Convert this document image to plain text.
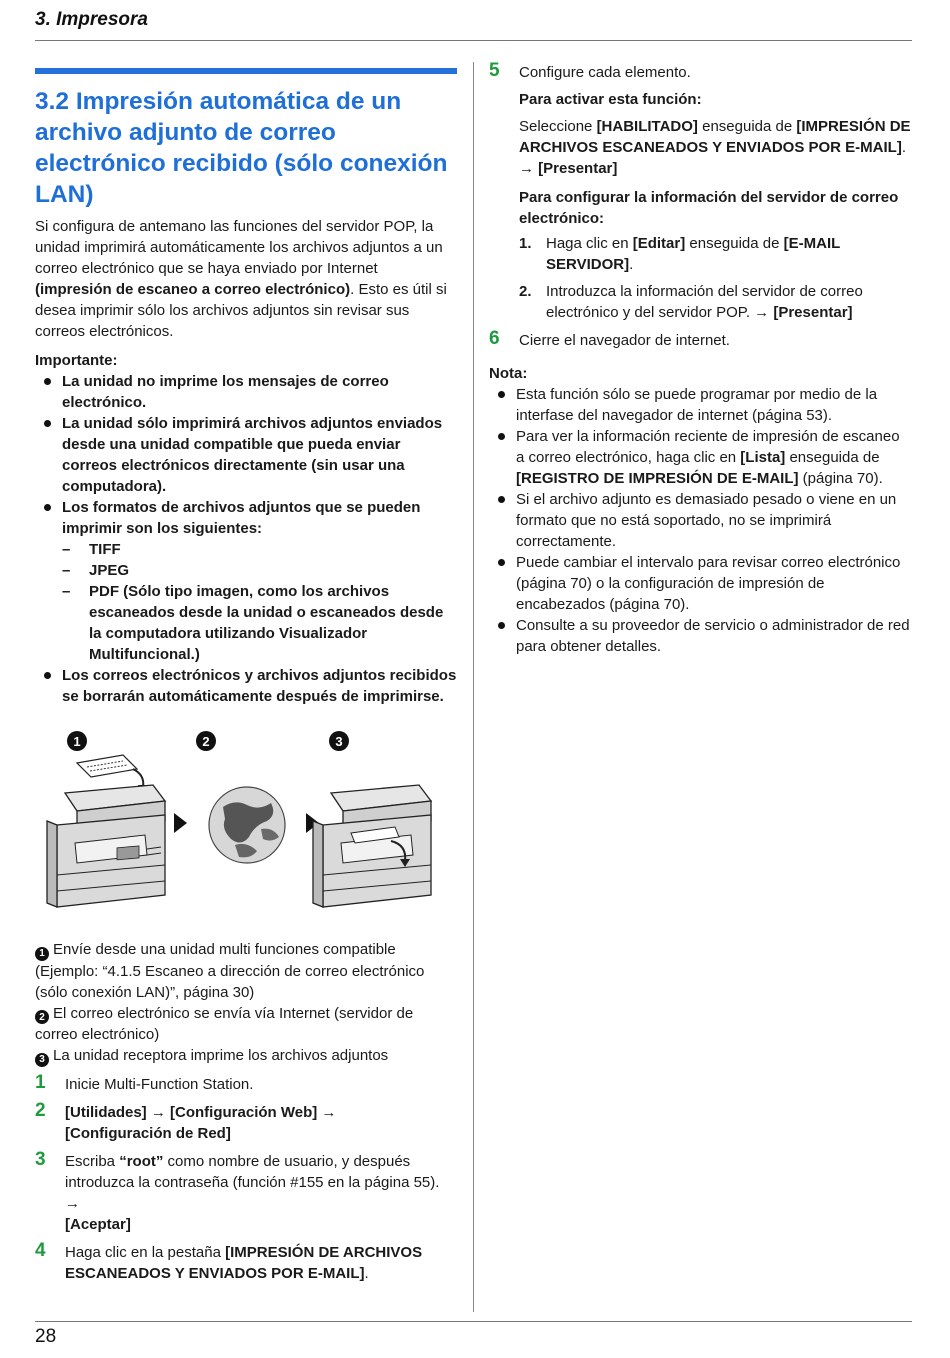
3. Impresora
3.2 Impresión automática de un archivo adjunto de correo electrónico recibido (sólo conexión LAN)

Si configura de antemano las funciones del servidor POP, la unidad imprimirá automáticamente los archivos adjuntos a un correo electrónico que se haya enviado por Internet (impresión de escaneo a correo electrónico). Esto es útil si desea imprimir sólo los archivos adjuntos sin revisar sus correos electrónicos.

Importante:
La unidad no imprime los mensajes de correo electrónico.
La unidad sólo imprimirá archivos adjuntos enviados desde una unidad compatible que pueda enviar correos electrónicos directamente (sin usar una computadora).
Los formatos de archivos adjuntos que se pueden imprimir son los siguientes:
– TIFF
– JPEG
– PDF (Sólo tipo imagen, como los archivos escaneados desde la unidad o escaneados desde la computadora utilizando Visualizador Multifuncional.)
Los correos electrónicos y archivos adjuntos recibidos se borrarán automáticamente después de imprimirse.
1	2	3

1 Envíe desde una unidad multi funciones compatible (Ejemplo: “4.1.5 Escaneo a dirección de correo electrónico (sólo conexión LAN)”, página 30)

2 El correo electrónico se envía vía Internet (servidor de correo electrónico)

3 La unidad receptora imprime los archivos adjuntos

1 Inicie Multi-Function Station.
2 [Utilidades] → [Configuración Web] →
[Configuración de Red]
3 Escriba “root” como nombre de usuario, y después introduzca la contraseña (función #155 en la página 55). →
[Aceptar]
4 Haga clic en la pestaña [IMPRESIÓN DE ARCHIVOS ESCANEADOS Y ENVIADOS POR E-MAIL].
5 Configure cada elemento.
Para activar esta función:

Seleccione [HABILITADO] enseguida de [IMPRESIÓN DE ARCHIVOS ESCANEADOS Y ENVIADOS POR E-MAIL].
→ [Presentar]

Para configurar la información del servidor de correo electrónico:
1. Haga clic en [Editar] enseguida de [E-MAIL SERVIDOR].
2. Introduzca la información del servidor de correo electrónico y del servidor POP. → [Presentar]
6 Cierre el navegador de internet.
Nota:
Esta función sólo se puede programar por medio de la interfase del navegador de internet (página 53).
Para ver la información reciente de impresión de escaneo a correo electrónico, haga clic en [Lista] enseguida de [REGISTRO DE IMPRESIÓN DE E-MAIL] (página 70).
Si el archivo adjunto es demasiado pesado o viene en un formato que no está soportado, no se imprimirá correctamente.
Puede cambiar el intervalo para revisar correo electrónico (página 70) o la configuración de impresión de encabezados (página 70).
Consulte a su proveedor de servicio o administrador de red para obtener detalles.
28
